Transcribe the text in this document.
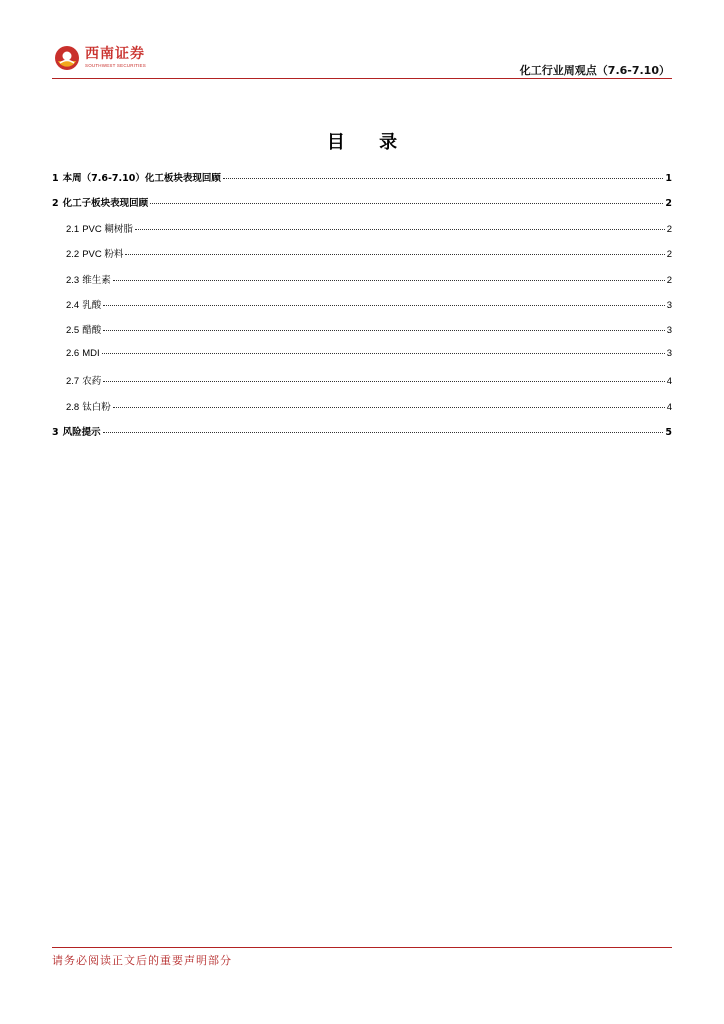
西南证券
SOUTHWEST SECURITIES	化工行业周观点（7.6-7.10）
目 录
1 本周（7.6-7.10）化工板块表现回顾	1
2 化工子板块表现回顾	2
2.1 PVC 糊树脂	2
2.2 PVC 粉料	2
2.3 维生素	2
2.4 乳酸	3
2.5 醋酸	3
2.6 MDI	3
2.7 农药	4
2.8 钛白粉	4
3 风险提示	5
请务必阅读正文后的重要声明部分
